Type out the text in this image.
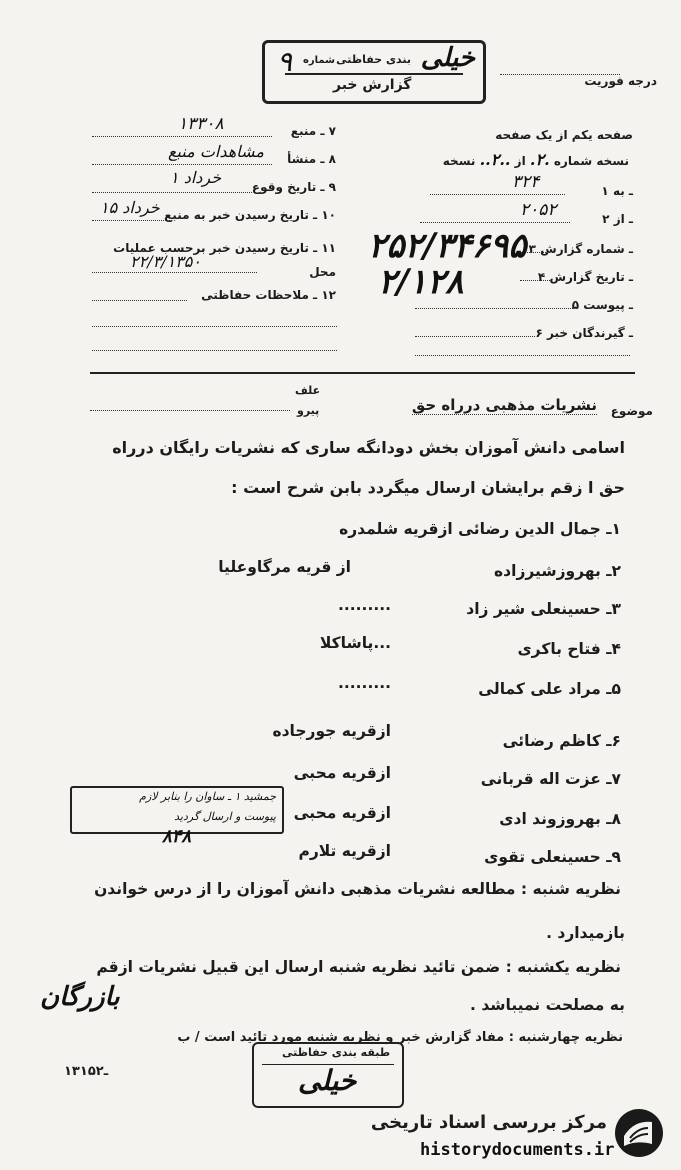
خیلی
بندی حفاظتی
شماره
۹
گزارش خبر	درجه فوریت
صفحه یکم از یک صفحه
نسخه شماره .۲. از ..۲.. نسخه
۱ ـ به
۳۲۴
۲ ـ از
۲۰۵۲
۳ ـ شماره گزارش
۴ ـ تاریخ گزارش
۵ ـ پیوست
۶ ـ گیرندگان خبر
۲۵۲/۳۴۶۹۵
۲/۱۲۸
۷ ـ منبع
۱۳۳۰۸
۸ ـ منشأ
مشاهدات منبع
۹ ـ تاریخ وقوع
۱ خرداد
۱۰ ـ تاریخ رسیدن خبر به منبع
۱۵ خرداد
۱۱ ـ تاریخ رسیدن خبر برحسب عملیات محل
۲۲/۳/۱۳۵۰
۱۲ ـ ملاحظات حفاظتی
موضوع
نشریات مذهبی درراه حق
علف
پیرو
اسامی دانش آموزان بخش دودانگه ساری که نشریات رایگان درراه
حق ا زقم برایشان ارسال میگردد بابن شرح است :
۱ـ جمال الدین رضائی ازقریه شلمدره
۲ـ بهروزشیرزاده
از قریه مرگاوعلیا
۳ـ حسینعلی شیر زاد
.........
۴ـ فتاح باکری
...پاشاکلا
۵ـ مراد علی کمالی
.........
۶ـ کاظم رضائی
ازقریه جورجاده
۷ـ عزت اله قربانی
ازقریه محبی
۸ـ بهروزوند ادی
ازقریه محبی
۹ـ حسینعلی تقوی
ازقریه تلارم
جمشید ۱ ـ ساوان را بنابر لازم
پیوست و ارسال گردید
۸۴۸
نظریه شنبه : مطالعه نشریات مذهبی دانش آموزان را از درس خواندن
بازمیدارد .
نظریه یکشنبه : ضمن تائید نظریه شنبه ارسال این قبیل نشریات ازقم
به مصلحت نمیباشد .
بازرگان
نظریه چهارشنبه : مفاد گزارش خبر و نظریه شنبه مورد تائید است / ب
۱۳۱ـ۵۲
طبقه بندی حفاظتی
خیلی
مرکز بررسی اسناد تاریخی
historydocuments.ir
